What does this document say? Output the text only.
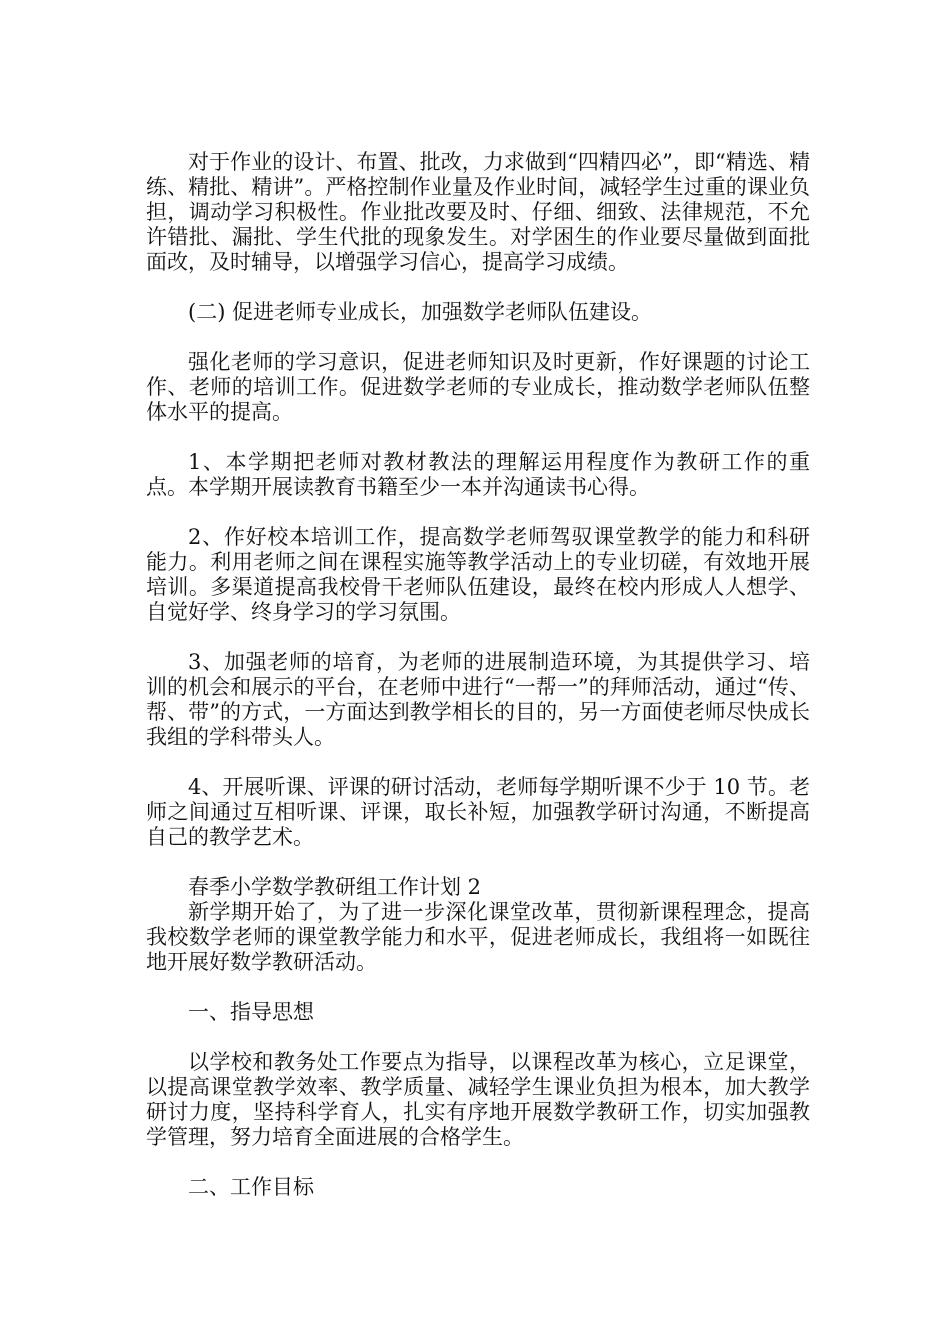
对于作业的设计、布置、批改，力求做到“四精四必”，即“精选、精练、精批、精讲”。严格控制作业量及作业时间，减轻学生过重的课业负担，调动学习积极性。作业批改要及时、仔细、细致、法律规范，不允许错批、漏批、学生代批的现象发生。对学困生的作业要尽量做到面批面改，及时辅导，以增强学习信心，提高学习成绩。

(二) 促进老师专业成长，加强数学老师队伍建设。

强化老师的学习意识，促进老师知识及时更新，作好课题的讨论工作、老师的培训工作。促进数学老师的专业成长，推动数学老师队伍整体水平的提高。

1、本学期把老师对教材教法的理解运用程度作为教研工作的重点。本学期开展读教育书籍至少一本并沟通读书心得。

2、作好校本培训工作，提高数学老师驾驭课堂教学的能力和科研能力。利用老师之间在课程实施等教学活动上的专业切磋，有效地开展培训。多渠道提高我校骨干老师队伍建设，最终在校内形成人人想学、自觉好学、终身学习的学习氛围。

3、加强老师的培育，为老师的进展制造环境，为其提供学习、培训的机会和展示的平台，在老师中进行“一帮一”的拜师活动，通过“传、帮、带”的方式，一方面达到教学相长的目的，另一方面使老师尽快成长我组的学科带头人。

4、开展听课、评课的研讨活动，老师每学期听课不少于 10 节。老师之间通过互相听课、评课，取长补短，加强教学研讨沟通，不断提高自己的教学艺术。

春季小学数学教研组工作计划 2

新学期开始了，为了进一步深化课堂改革，贯彻新课程理念，提高我校数学老师的课堂教学能力和水平，促进老师成长，我组将一如既往地开展好数学教研活动。

一、指导思想

以学校和教务处工作要点为指导，以课程改革为核心，立足课堂，以提高课堂教学效率、教学质量、减轻学生课业负担为根本，加大教学研讨力度，坚持科学育人，扎实有序地开展数学教研工作，切实加强教学管理，努力培育全面进展的合格学生。

二、工作目标
